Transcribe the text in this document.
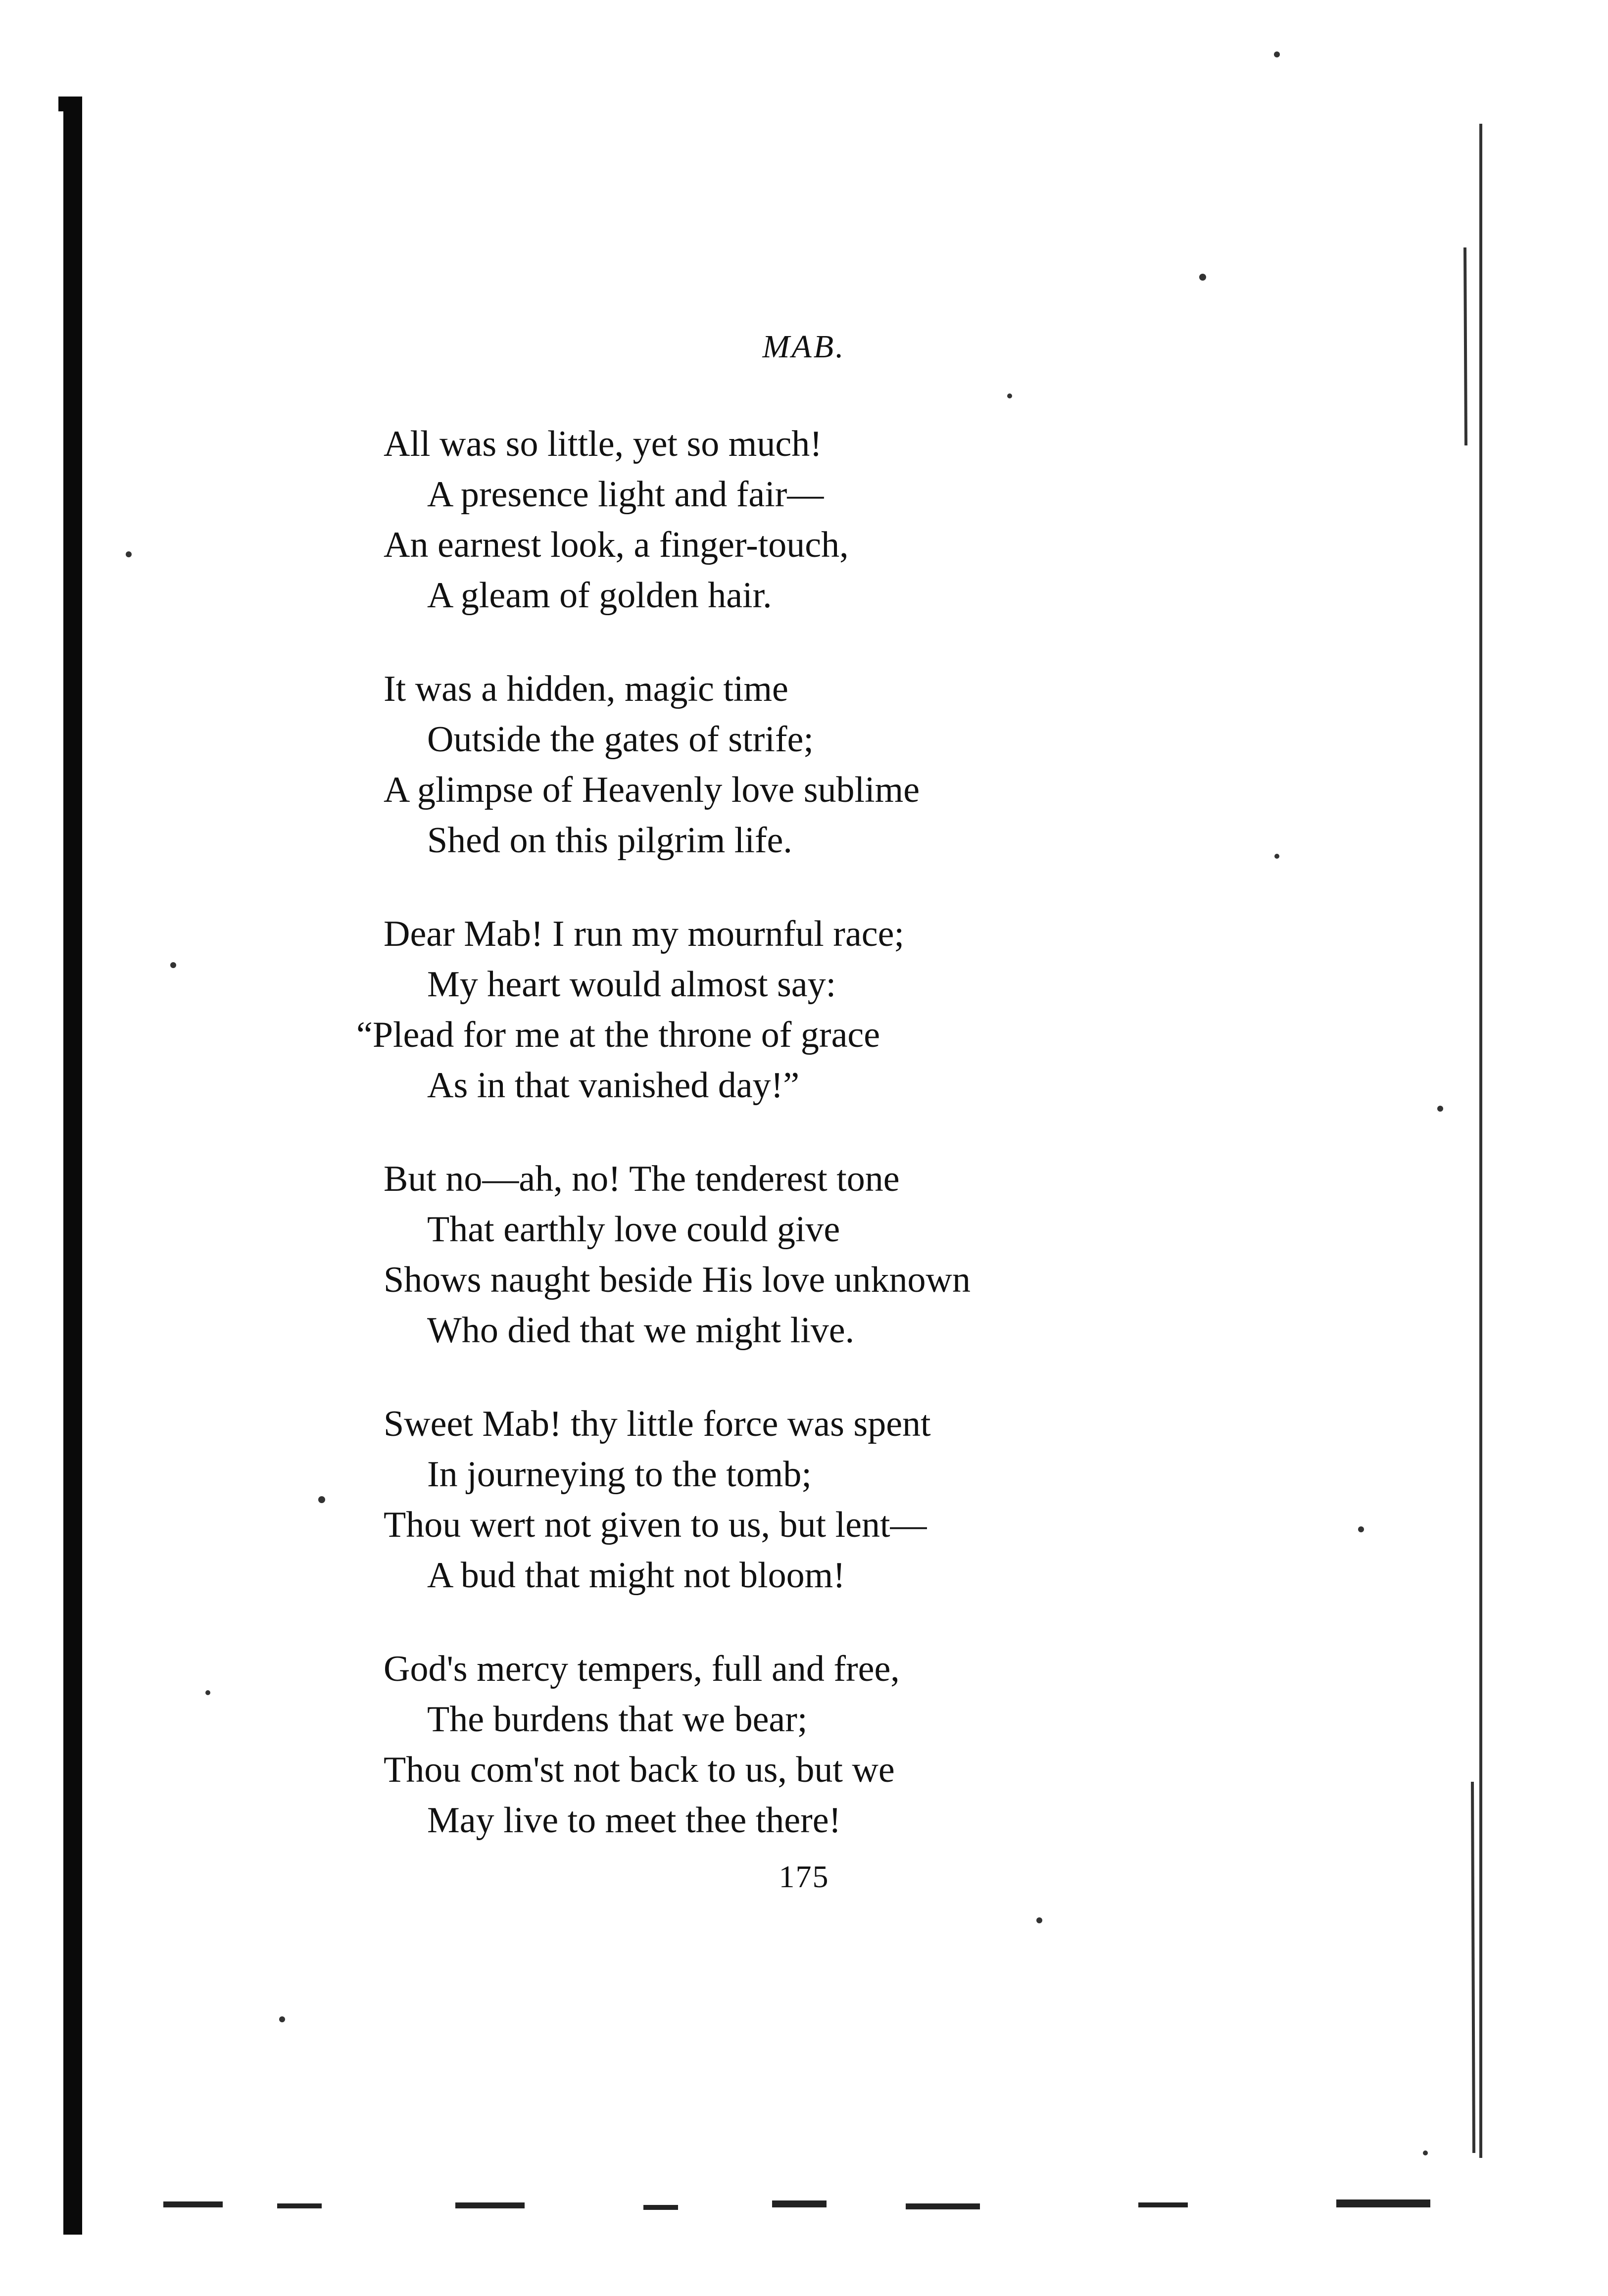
MAB.
All was so little, yet so much!
A presence light and fair—
An earnest look, a finger-touch,
A gleam of golden hair.
It was a hidden, magic time
Outside the gates of strife;
A glimpse of Heavenly love sublime
Shed on this pilgrim life.
Dear Mab! I run my mournful race;
My heart would almost say:
“Plead for me at the throne of grace
As in that vanished day!”
But no—ah, no! The tenderest tone
That earthly love could give
Shows naught beside His love unknown
Who died that we might live.
Sweet Mab! thy little force was spent
In journeying to the tomb;
Thou wert not given to us, but lent—
A bud that might not bloom!
God's mercy tempers, full and free,
The burdens that we bear;
Thou com'st not back to us, but we
May live to meet thee there!
175
